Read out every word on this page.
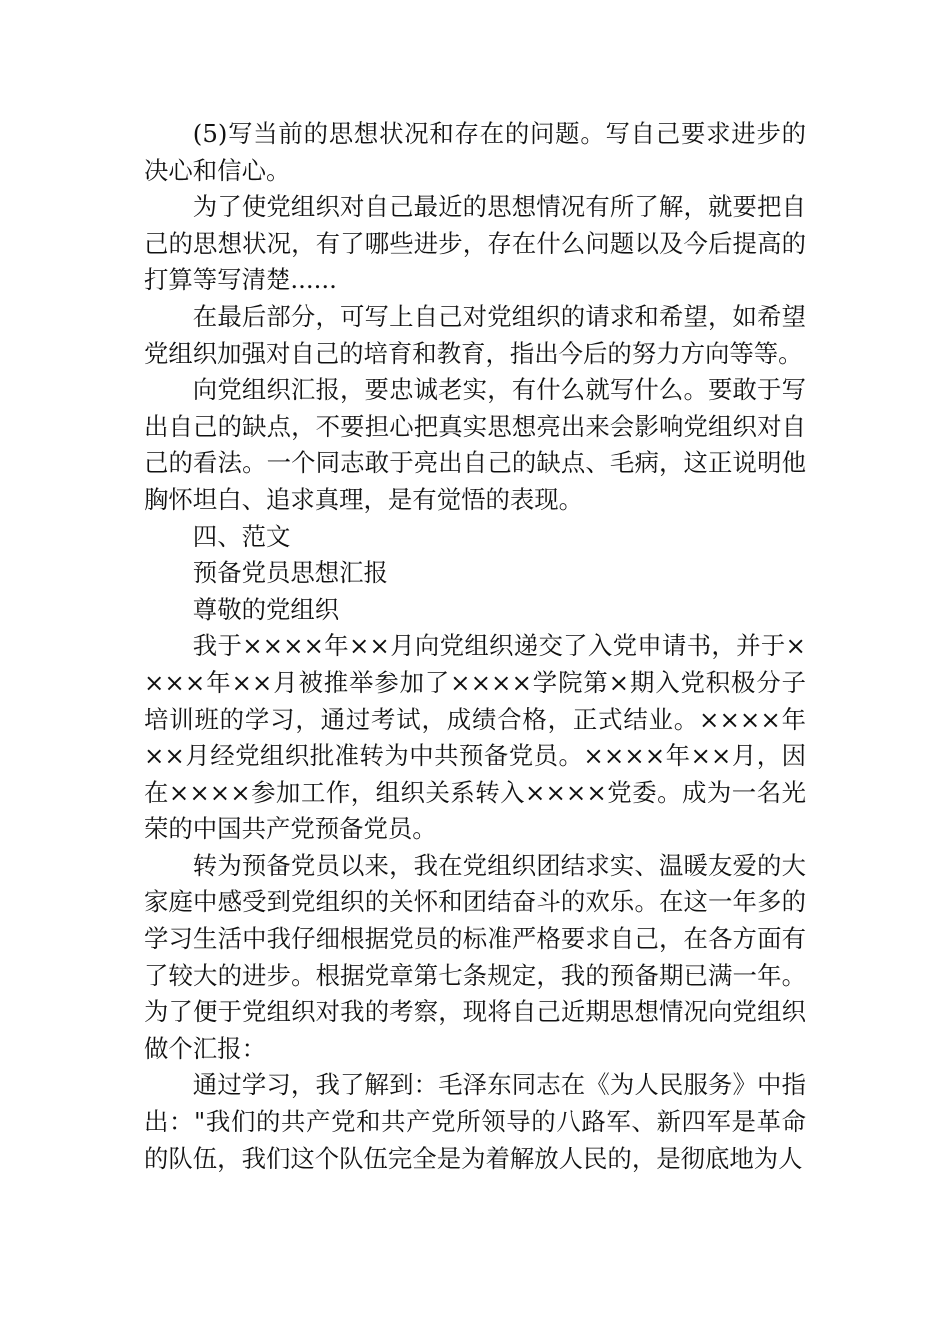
(5)写当前的思想状况和存在的问题。写自己要求进步的决心和信心。

为了使党组织对自己最近的思想情况有所了解，就要把自己的思想状况，有了哪些进步，存在什么问题以及今后提高的打算等写清楚......

在最后部分，可写上自己对党组织的请求和希望，如希望党组织加强对自己的培育和教育，指出今后的努力方向等等。

向党组织汇报，要忠诚老实，有什么就写什么。要敢于写出自己的缺点，不要担心把真实思想亮出来会影响党组织对自己的看法。一个同志敢于亮出自己的缺点、毛病，这正说明他胸怀坦白、追求真理，是有觉悟的表现。

四、范文

预备党员思想汇报

尊敬的党组织

我于××××年××月向党组织递交了入党申请书，并于××××年××月被推举参加了××××学院第×期入党积极分子培训班的学习，通过考试，成绩合格，正式结业。××××年××月经党组织批准转为中共预备党员。××××年××月，因在××××参加工作，组织关系转入××××党委。成为一名光荣的中国共产党预备党员。

转为预备党员以来，我在党组织团结求实、温暖友爱的大家庭中感受到党组织的关怀和团结奋斗的欢乐。在这一年多的学习生活中我仔细根据党员的标准严格要求自己，在各方面有了较大的进步。根据党章第七条规定，我的预备期已满一年。为了便于党组织对我的考察，现将自己近期思想情况向党组织做个汇报：

通过学习，我了解到：毛泽东同志在《为人民服务》中指出："我们的共产党和共产党所领导的八路军、新四军是革命的队伍，我们这个队伍完全是为着解放人民的，是彻底地为人
